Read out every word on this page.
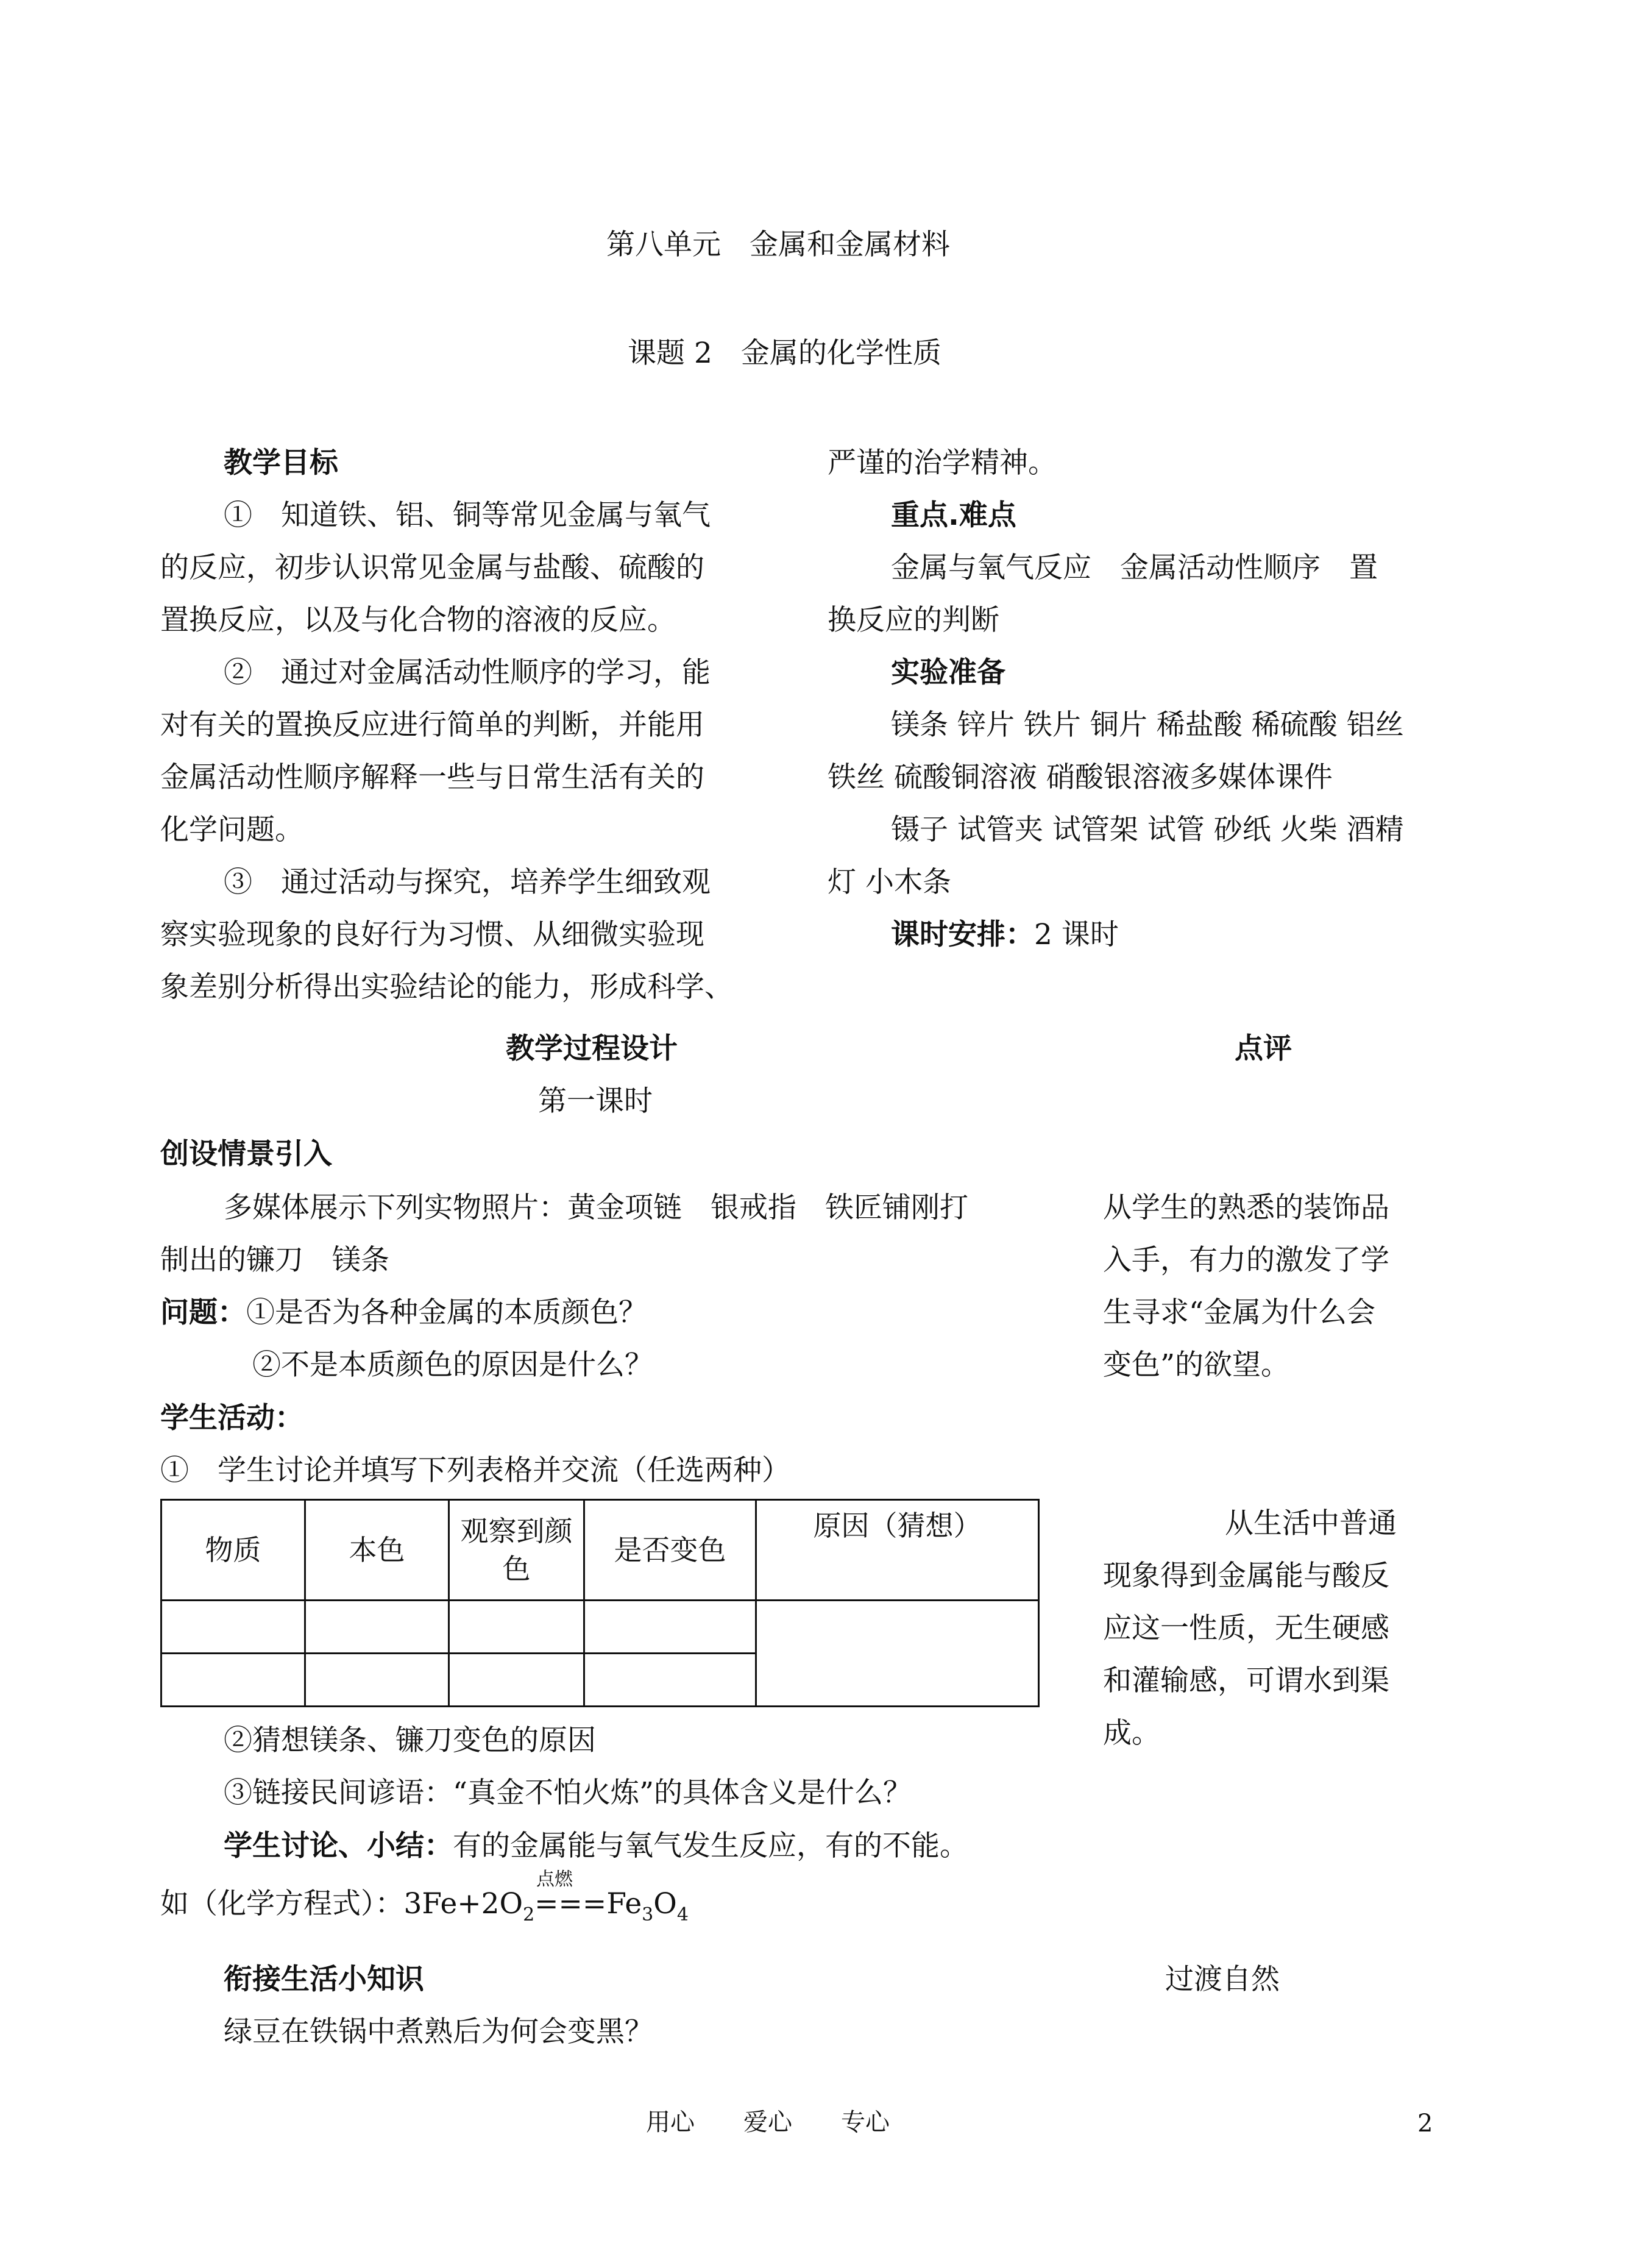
第八单元　金属和金属材料
课题 2　金属的化学性质
教学目标
①　知道铁、铝、铜等常见金属与氧气
的反应，初步认识常见金属与盐酸、硫酸的
置换反应，以及与化合物的溶液的反应。
②　通过对金属活动性顺序的学习，能
对有关的置换反应进行简单的判断，并能用
金属活动性顺序解释一些与日常生活有关的
化学问题。
③　通过活动与探究，培养学生细致观
察实验现象的良好行为习惯、从细微实验现
象差别分析得出实验结论的能力，形成科学、
严谨的治学精神。
重点.难点
金属与氧气反应　金属活动性顺序　置
换反应的判断
实验准备
镁条 锌片 铁片 铜片 稀盐酸 稀硫酸 铝丝
铁丝 硫酸铜溶液 硝酸银溶液多媒体课件
镊子 试管夹 试管架 试管 砂纸 火柴 酒精
灯 小木条
课时安排：2 课时
教学过程设计	点评
第一课时
创设情景引入
多媒体展示下列实物照片：黄金项链　银戒指　铁匠铺刚打
制出的镰刀　镁条
问题：①是否为各种金属的本质颜色？
②不是本质颜色的原因是什么？
学生活动：
①　学生讨论并填写下列表格并交流（任选两种）
物质	本色	观察到颜色	是否变色	原因（猜想）

②猜想镁条、镰刀变色的原因
③链接民间谚语：“真金不怕火炼”的具体含义是什么？
学生讨论、小结：有的金属能与氧气发生反应，有的不能。
点燃
如（化学方程式）：$3Fe+2O_2===Fe_3O_4$
衔接生活小知识
绿豆在铁锅中煮熟后为何会变黑？
从学生的熟悉的装饰品
入手，有力的激发了学
生寻求“金属为什么会
变色”的欲望。
从生活中普通
现象得到金属能与酸反
应这一性质，无生硬感
和灌输感，可谓水到渠
成。
过渡自然
用心　　爱心　　专心	2
